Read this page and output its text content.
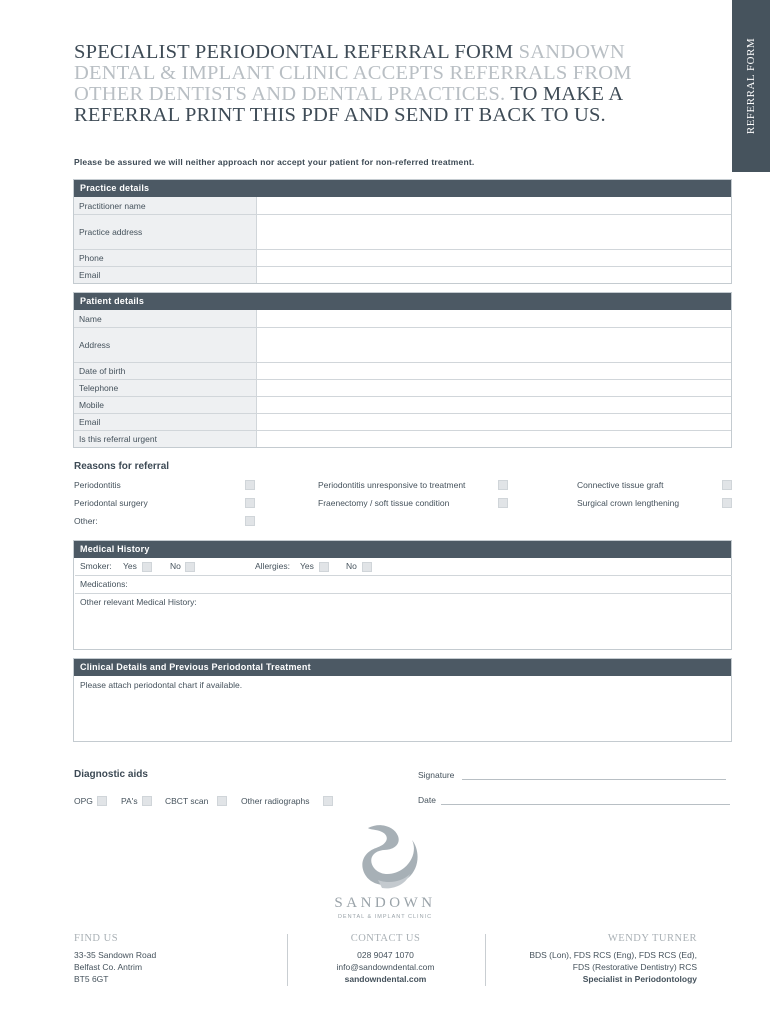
REFERRAL FORM
SPECIALIST PERIODONTAL REFERRAL FORM SANDOWN DENTAL & IMPLANT CLINIC ACCEPTS REFERRALS FROM OTHER DENTISTS AND DENTAL PRACTICES. TO MAKE A REFERRAL PRINT THIS PDF AND SEND IT BACK TO US.
Please be assured we will neither approach nor accept your patient for non-referred treatment.
Practice details
Practitioner name
Practice address
Phone
Email
Patient details
Name
Address
Date of birth
Telephone
Mobile
Email
Is this referral urgent
Reasons for referral
Periodontitis	Periodontitis unresponsive to treatment	Connective tissue graft
Periodontal surgery	Fraenectomy / soft tissue condition	Surgical crown lengthening
Other:
Medical History
Smoker: Yes	No	Allergies: Yes	No
Medications:
Other relevant Medical History:
Clinical Details and Previous Periodontal Treatment
Please attach periodontal chart if available.
Diagnostic aids
OPG	PA's	CBCT scan	Other radiographs
Signature
Date
SANDOWN
DENTAL & IMPLANT CLINIC
FIND US
33-35 Sandown Road
Belfast Co. Antrim
BT5 6GT
CONTACT US
028 9047 1070
info@sandowndental.com
sandowndental.com
WENDY TURNER
BDS (Lon), FDS RCS (Eng), FDS RCS (Ed),
FDS (Restorative Dentistry) RCS
Specialist in Periodontology
